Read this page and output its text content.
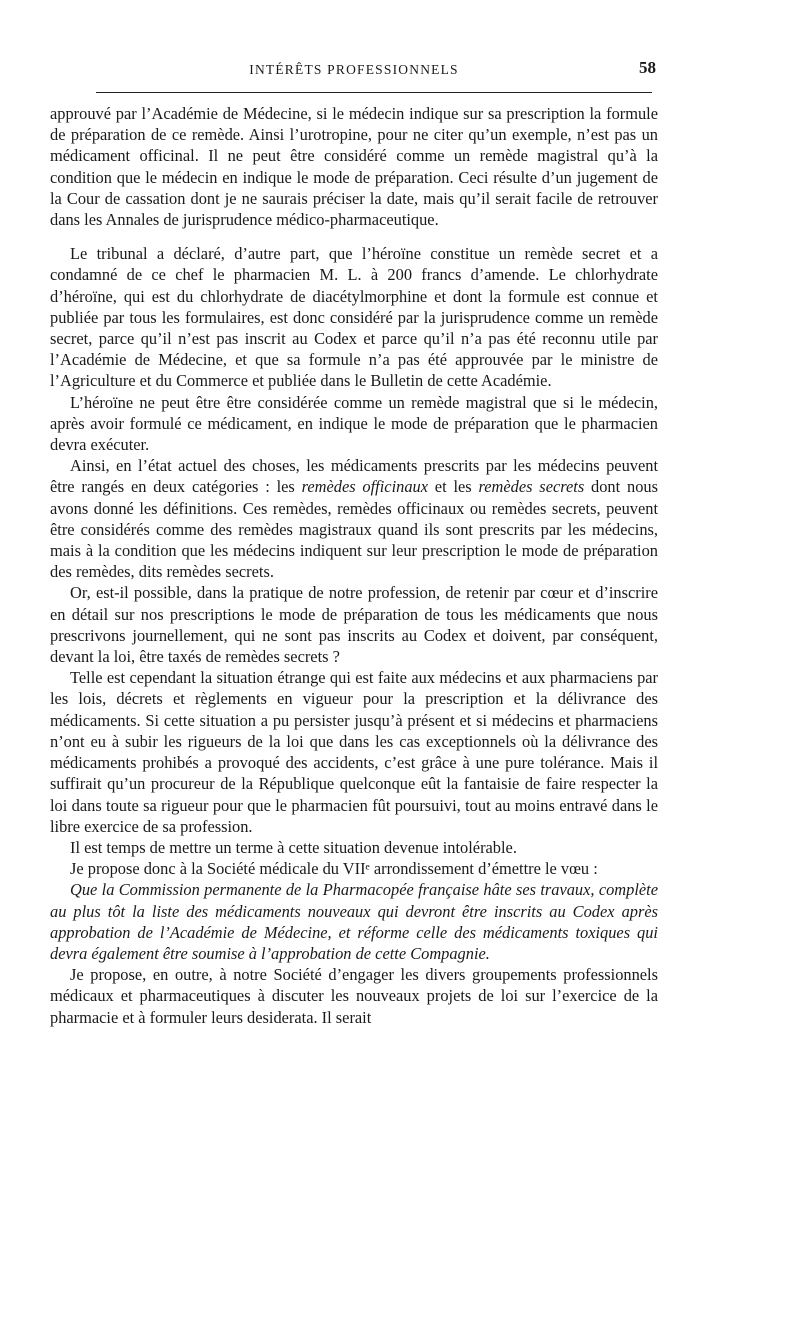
INTÉRÊTS PROFESSIONNELS	58

approuvé par l’Académie de Médecine, si le médecin indique sur sa prescription la formule de préparation de ce remède. Ainsi l’urotropine, pour ne citer qu’un exemple, n’est pas un médicament officinal. Il ne peut être considéré comme un remède magistral qu’à la condition que le médecin en indique le mode de préparation. Ceci résulte d’un jugement de la Cour de cassation dont je ne saurais préciser la date, mais qu’il serait facile de retrouver dans les Annales de jurisprudence médico-pharmaceutique.

Le tribunal a déclaré, d’autre part, que l’héroïne constitue un remède secret et a condamné de ce chef le pharmacien M. L. à 200 francs d’amende. Le chlorhydrate d’héroïne, qui est du chlorhydrate de diacétylmorphine et dont la formule est connue et publiée par tous les formulaires, est donc considéré par la jurisprudence comme un remède secret, parce qu’il n’est pas inscrit au Codex et parce qu’il n’a pas été reconnu utile par l’Académie de Médecine, et que sa formule n’a pas été approuvée par le ministre de l’Agriculture et du Commerce et publiée dans le Bulletin de cette Académie.

L’héroïne ne peut être être considérée comme un remède magistral que si le médecin, après avoir formulé ce médicament, en indique le mode de préparation que le pharmacien devra exécuter.

Ainsi, en l’état actuel des choses, les médicaments prescrits par les médecins peuvent être rangés en deux catégories : les remèdes officinaux et les remèdes secrets dont nous avons donné les définitions. Ces remèdes, remèdes officinaux ou remèdes secrets, peuvent être considérés comme des remèdes magistraux quand ils sont prescrits par les médecins, mais à la condition que les médecins indiquent sur leur prescription le mode de préparation des remèdes, dits remèdes secrets.

Or, est-il possible, dans la pratique de notre profession, de retenir par cœur et d’inscrire en détail sur nos prescriptions le mode de préparation de tous les médicaments que nous prescrivons journellement, qui ne sont pas inscrits au Codex et doivent, par conséquent, devant la loi, être taxés de remèdes secrets ?

Telle est cependant la situation étrange qui est faite aux médecins et aux pharmaciens par les lois, décrets et règlements en vigueur pour la prescription et la délivrance des médicaments. Si cette situation a pu persister jusqu’à présent et si médecins et pharmaciens n’ont eu à subir les rigueurs de la loi que dans les cas exceptionnels où la délivrance des médicaments prohibés a provoqué des accidents, c’est grâce à une pure tolérance. Mais il suffirait qu’un procureur de la République quelconque eût la fantaisie de faire respecter la loi dans toute sa rigueur pour que le pharmacien fût poursuivi, tout au moins entravé dans le libre exercice de sa profession.

Il est temps de mettre un terme à cette situation devenue intolérable.

Je propose donc à la Société médicale du VIIᵉ arrondissement d’émettre le vœu :

Que la Commission permanente de la Pharmacopée française hâte ses travaux, complète au plus tôt la liste des médicaments nouveaux qui devront être inscrits au Codex après approbation de l’Académie de Médecine, et réforme celle des médicaments toxiques qui devra également être soumise à l’approbation de cette Compagnie.

Je propose, en outre, à notre Société d’engager les divers groupements professionnels médicaux et pharmaceutiques à discuter les nouveaux projets de loi sur l’exercice de la pharmacie et à formuler leurs desiderata. Il serait
